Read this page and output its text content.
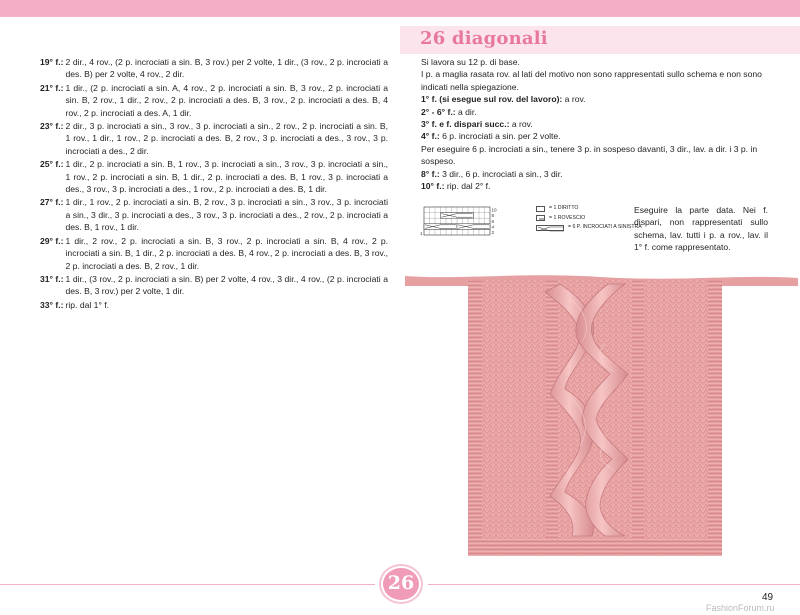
26 diagonali
19° f.: 2 dir., 4 rov., (2 p. incrociati a sin. B, 3 rov.) per 2 volte, 1 dir., (3 rov., 2 p. incrociati a des. B) per 2 volte, 4 rov., 2 dir.
21° f.: 1 dir., (2 p. incrociati a sin. A, 4 rov., 2 p. incrociati a sin. B, 3 rov., 2 p. incrociati a sin. B, 2 rov., 1 dir., 2 rov., 2 p. incrociati a des. B, 3 rov., 2 p. incrociati a des. B, 4 rov., 2 p. incrociati a des. A, 1 dir.
23° f.: 2 dir., 3 p. incrociati a sin., 3 rov., 3 p. incrociati a sin., 2 rov., 2 p. incrociati a sin. B, 1 rov., 1 dir., 1 rov., 2 p. incrociati a des. B, 2 rov., 3 p. incrociati a des., 3 rov., 3 p. incrociati a des., 2 dir.
25° f.: 1 dir., 2 p. incrociati a sin. B, 1 rov., 3 p. incrociati a sin., 3 rov., 3 p. incrociati a sin., 1 rov., 2 p. incrociati a sin. B, 1 dir., 2 p. incrociati a des. B, 1 rov., 3 p. incrociati a des., 3 rov., 3 p. incrociati a des., 1 rov., 2 p. incrociati a des. B, 1 dir.
27° f.: 1 dir., 1 rov., 2 p. incrociati a sin. B, 2 rov., 3 p. incrociati a sin., 3 rov., 3 p. incrociati a sin., 3 dir., 3 p. incrociati a des., 3 rov., 3 p. incrociati a des., 2 rov., 2 p. incrociati a des. B, 1 rov., 1 dir.
29° f.: 1 dir., 2 rov., 2 p. incrociati a sin. B, 3 rov., 2 p. incrociati a sin. B, 4 rov., 2 p. incrociati a sin. B, 1 dir., 2 p. incrociati a des. B, 4 rov., 2 p. incrociati a des. B, 3 rov., 2 p. incrociati a des. B, 2 rov., 1 dir.
31° f.: 1 dir., (3 rov., 2 p. incrociati a sin. B) per 2 volte, 4 rov., 3 dir., 4 rov., (2 p. incrociati a des. B, 3 rov.) per 2 volte, 1 dir.
33° f.: rip. dal 1° f.

Si lavora su 12 p. di base.

I p. a maglia rasata rov. al lati del motivo non sono rappresentati sullo schema e non sono indicati nella spiegazione.

1° f. (si esegue sul rov. del lavoro): a rov.

2° - 6° f.: a dir.

3° f. e f. dispari succ.: a rov.

4° f.: 6 p. incrociati a sin. per 2 volte.

Per eseguire 6 p. incrociati a sin., tenere 3 p. in sospeso davanti, 3 dir., lav. a dir. i 3 p. in sospeso.

8° f.: 3 dir., 6 p. incrociati a sin., 3 dir.

10° f.: rip. dal 2° f.

10
8
6
4
2
1
= 1 DIRITTO
= 1 ROVESCIO
= 6 P. INCROCIATI A SINISTRA
Eseguire la parte data. Nei f. dispari, non rappresentati sullo schema, lav. tutti i p. a rov., lav. il 1° f. come rappresentato.
26
49
FashionForum.ru
